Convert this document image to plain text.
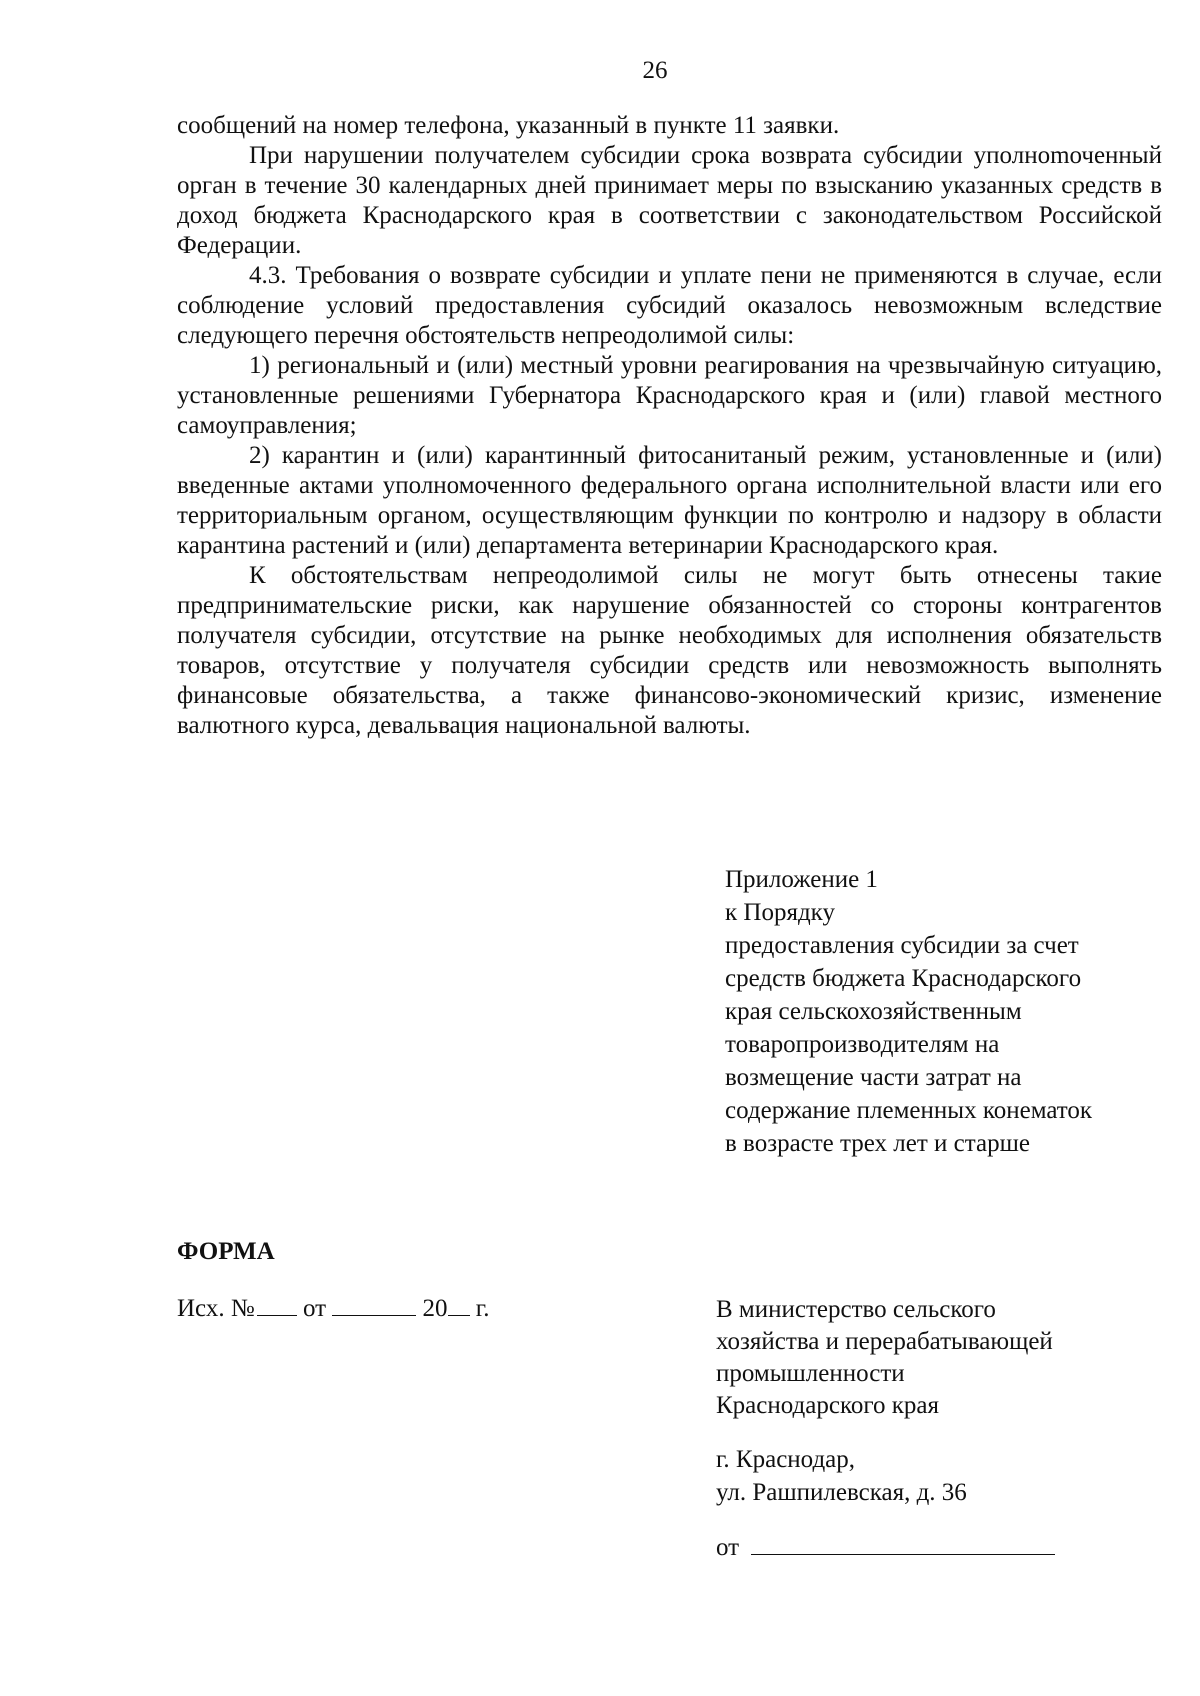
26

сообщений на номер телефона, указанный в пункте 11 заявки.

При нарушении получателем субсидии срока возврата субсидии уполноmоченный орган в течение 30 календарных дней принимает меры по взысканию указанных средств в доход бюджета Краснодарского края в соответствии с законодательством Российской Федерации.

4.3. Требования о возврате субсидии и уплате пени не применяются в случае, если соблюдение условий предоставления субсидий оказалось невозможным вследствие следующего перечня обстоятельств непреодолимой силы:

1) региональный и (или) местный уровни реагирования на чрезвычайную ситуацию, установленные решениями Губернатора Краснодарского края и (или) главой местного самоуправления;

2) карантин и (или) карантинный фитосанитаный режим, установленные и (или) введенные актами уполномоченного федерального органа исполнительной власти или его территориальным органом, осуществляющим функции по контролю и надзору в области карантина растений и (или) департамента ветеринарии Краснодарского края.

К обстоятельствам непреодолимой силы не могут быть отнесены такие предпринимательские риски, как нарушение обязанностей со стороны контрагентов получателя субсидии, отсутствие на рынке необходимых для исполнения обязательств товаров, отсутствие у получателя субсидии средств или невозможность выполнять финансовые обязательства, а также финансово-экономический кризис, изменение валютного курса, девальвация национальной валюты.

Приложение 1
к Порядку
предоставления субсидии за счет
средств бюджета Краснодарского
края сельскохозяйственным
товаропроизводителям на
возмещение части затрат на
содержание племенных конематок
в возрасте трех лет и старше

ФОРМА

Исх. № от	20 г.	В министерство сельского
хозяйства и перерабатывающей
промышленности
Краснодарского края
г. Краснодар,
ул. Рашпилевская, д. 36
от
